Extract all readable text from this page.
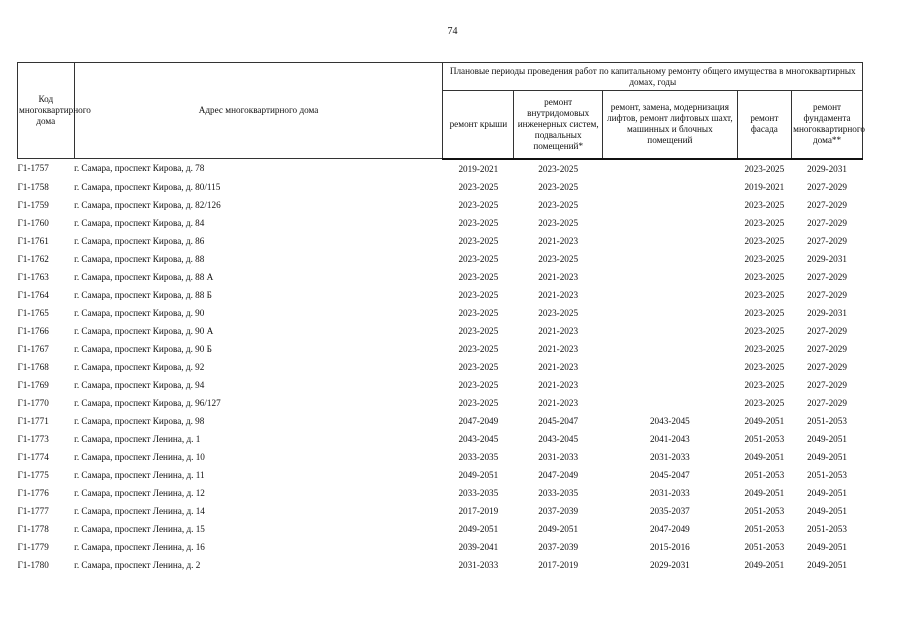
74
Код многоквартирного дома	Адрес многоквартирного дома	Плановые периоды проведения работ по капитальному ремонту общего имущества в многоквартирных домах, годы				
		ремонт крыши	ремонт внутридомовых инженерных систем, подвальных помещений*	ремонт, замена, модернизация лифтов, ремонт лифтовых шахт, машинных и блочных помещений	ремонт фасада	ремонт фундамента многоквартирного дома**
Г1-1757	г. Самара, проспект Кирова, д. 78	2019-2021	2023-2025		2023-2025	2029-2031
Г1-1758	г. Самара, проспект Кирова, д. 80/115	2023-2025	2023-2025		2019-2021	2027-2029
Г1-1759	г. Самара, проспект Кирова, д. 82/126	2023-2025	2023-2025		2023-2025	2027-2029
Г1-1760	г. Самара, проспект Кирова, д. 84	2023-2025	2023-2025		2023-2025	2027-2029
Г1-1761	г. Самара, проспект Кирова, д. 86	2023-2025	2021-2023		2023-2025	2027-2029
Г1-1762	г. Самара, проспект Кирова, д. 88	2023-2025	2023-2025		2023-2025	2029-2031
Г1-1763	г. Самара, проспект Кирова, д. 88 А	2023-2025	2021-2023		2023-2025	2027-2029
Г1-1764	г. Самара, проспект Кирова, д. 88 Б	2023-2025	2021-2023		2023-2025	2027-2029
Г1-1765	г. Самара, проспект Кирова, д. 90	2023-2025	2023-2025		2023-2025	2029-2031
Г1-1766	г. Самара, проспект Кирова, д. 90 А	2023-2025	2021-2023		2023-2025	2027-2029
Г1-1767	г. Самара, проспект Кирова, д. 90 Б	2023-2025	2021-2023		2023-2025	2027-2029
Г1-1768	г. Самара, проспект Кирова, д. 92	2023-2025	2021-2023		2023-2025	2027-2029
Г1-1769	г. Самара, проспект Кирова, д. 94	2023-2025	2021-2023		2023-2025	2027-2029
Г1-1770	г. Самара, проспект Кирова, д. 96/127	2023-2025	2021-2023		2023-2025	2027-2029
Г1-1771	г. Самара, проспект Кирова, д. 98	2047-2049	2045-2047	2043-2045	2049-2051	2051-2053
Г1-1773	г. Самара, проспект Ленина, д. 1	2043-2045	2043-2045	2041-2043	2051-2053	2049-2051
Г1-1774	г. Самара, проспект Ленина, д. 10	2033-2035	2031-2033	2031-2033	2049-2051	2049-2051
Г1-1775	г. Самара, проспект Ленина, д. 11	2049-2051	2047-2049	2045-2047	2051-2053	2051-2053
Г1-1776	г. Самара, проспект Ленина, д. 12	2033-2035	2033-2035	2031-2033	2049-2051	2049-2051
Г1-1777	г. Самара, проспект Ленина, д. 14	2017-2019	2037-2039	2035-2037	2051-2053	2049-2051
Г1-1778	г. Самара, проспект Ленина, д. 15	2049-2051	2049-2051	2047-2049	2051-2053	2051-2053
Г1-1779	г. Самара, проспект Ленина, д. 16	2039-2041	2037-2039	2015-2016	2051-2053	2049-2051
Г1-1780	г. Самара, проспект Ленина, д. 2	2031-2033	2017-2019	2029-2031	2049-2051	2049-2051
